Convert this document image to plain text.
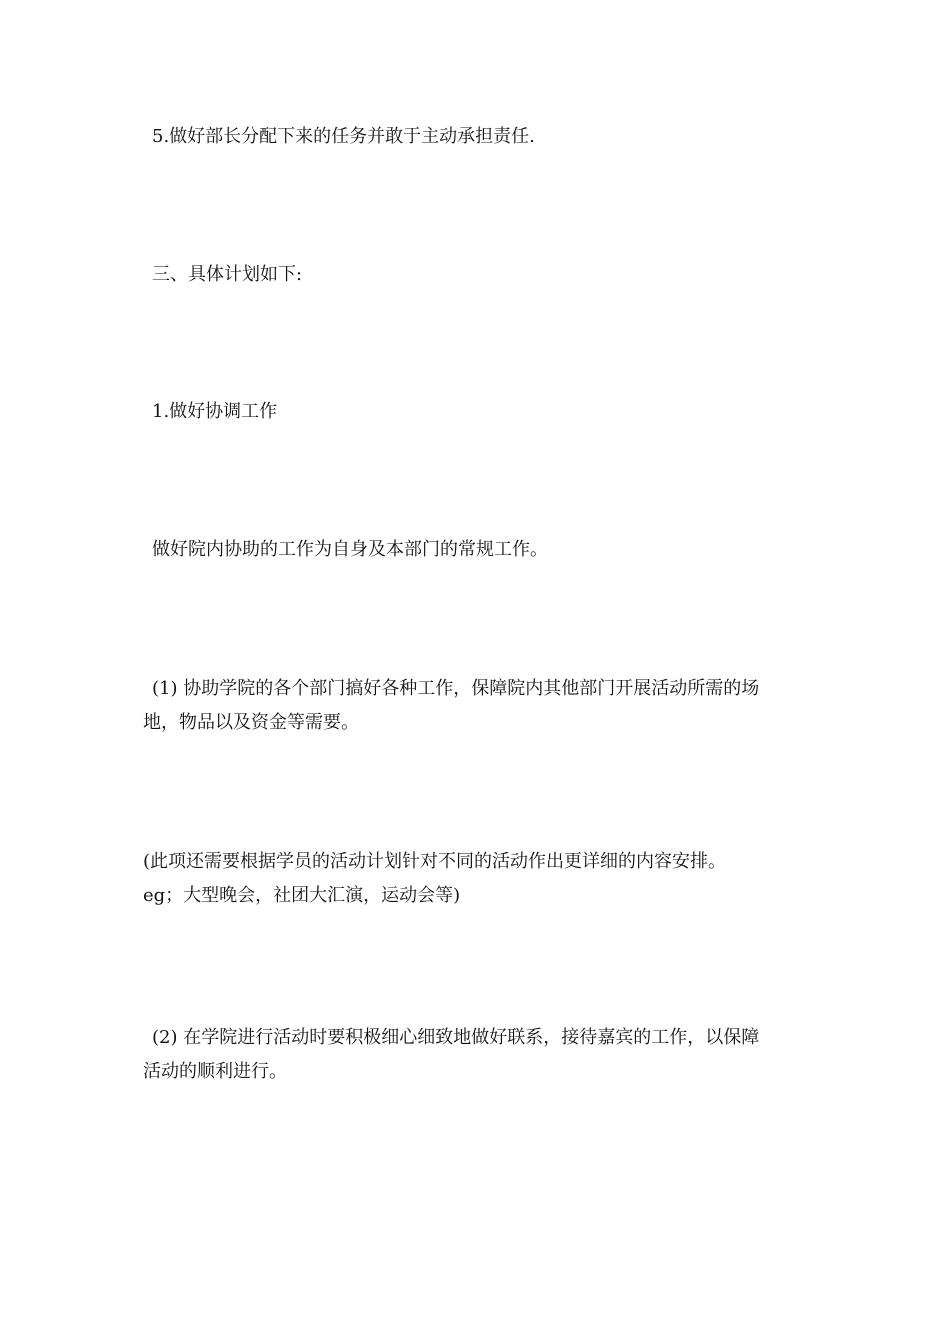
5.做好部长分配下来的任务并敢于主动承担责任.

三、具体计划如下:

1.做好协调工作

做好院内协助的工作为自身及本部门的常规工作。

(1) 协助学院的各个部门搞好各种工作，保障院内其他部门开展活动所需的场
地，物品以及资金等需要。

(此项还需要根据学员的活动计划针对不同的活动作出更详细的内容安排。
eg；大型晚会，社团大汇演，运动会等)

(2) 在学院进行活动时要积极细心细致地做好联系，接待嘉宾的工作，以保障
活动的顺利进行。
